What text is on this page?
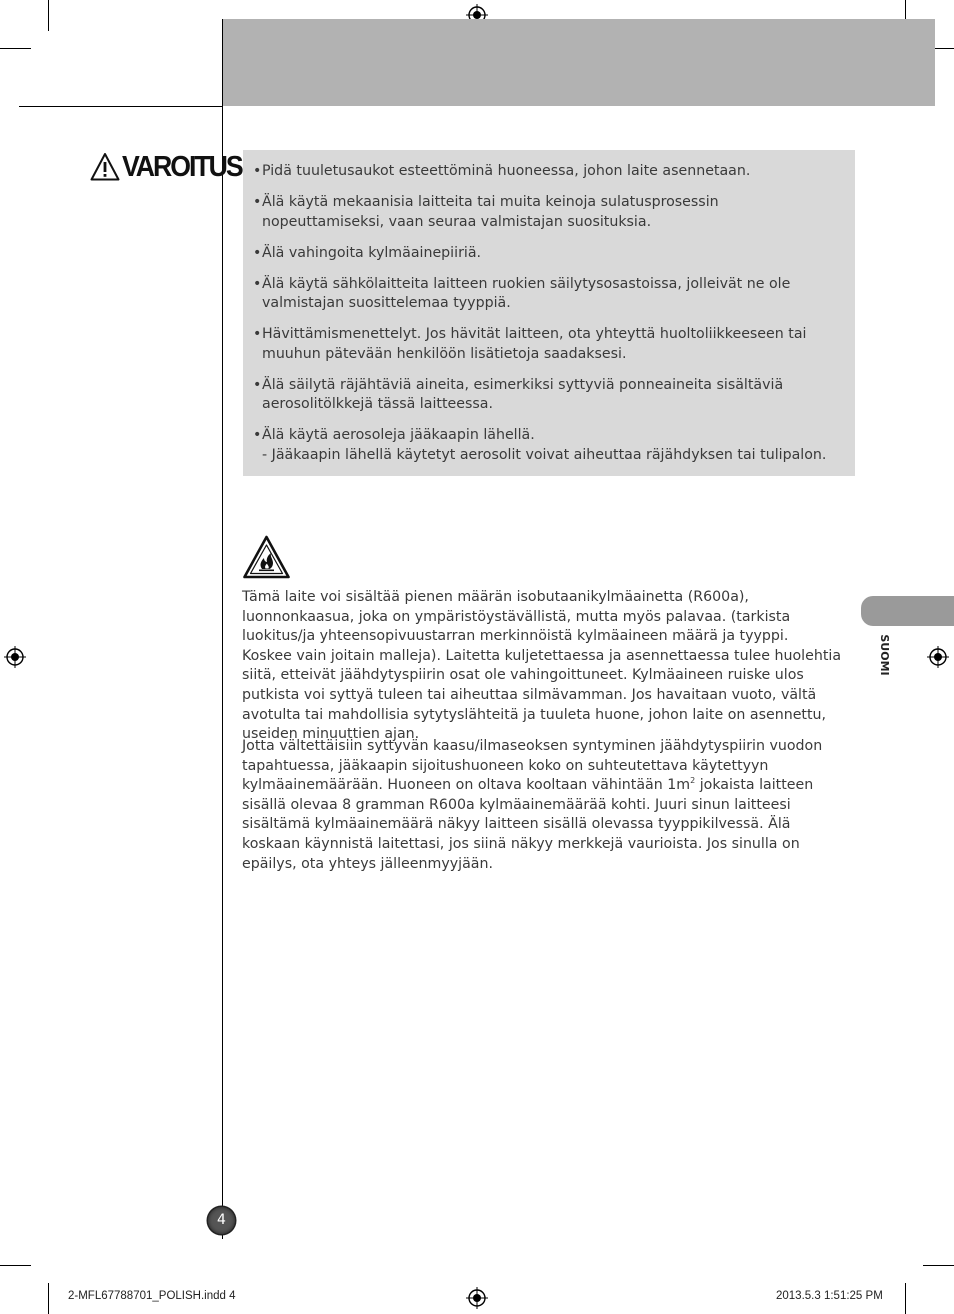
VAROITUS • Pidä tuuletusaukot esteettöminä huoneessa, johon laite asennetaan.
• Älä käytä mekaanisia laitteita tai muita keinoja sulatusprosessin nopeuttamiseksi, vaan seuraa valmistajan suosituksia.
• Älä vahingoita kylmäainepiiriä.
• Älä käytä sähkölaitteita laitteen ruokien säilytysosastoissa, jolleivät ne ole valmistajan suosittelemaa tyyppiä.
• Hävittämismenettelyt. Jos hävität laitteen, ota yhteyttä huoltoliikkeeseen tai muuhun pätevään henkilöön lisätietoja saadaksesi.
• Älä säilytä räjähtäviä aineita, esimerkiksi syttyviä ponneaineita sisältäviä aerosolitölkkejä tässä laitteessa.
• Älä käytä aerosoleja jääkaapin lähellä.
- Jääkaapin lähellä käytetyt aerosolit voivat aiheuttaa räjähdyksen tai tulipalon.

Tämä laite voi sisältää pienen määrän isobutaanikylmäainetta (R600a), luonnonkaasua, joka on ympäristöystävällistä, mutta myös palavaa. (tarkista luokitus/ja yhteensopivuustarran merkinnöistä kylmäaineen määrä ja tyyppi. Koskee vain joitain malleja). Laitetta kuljetettaessa ja asennettaessa tulee huolehtia siitä, etteivät jäähdytyspiirin osat ole vahingoittuneet. Kylmäaineen ruiske ulos putkista voi syttyä tuleen tai aiheuttaa silmävamman. Jos havaitaan vuoto, vältä avotulta tai mahdollisia sytytyslähteitä ja tuuleta huone, johon laite on asennettu, useiden minuuttien ajan.

Jotta vältettäisiin syttyvän kaasu/ilmaseoksen syntyminen jäähdytyspiirin vuodon tapahtuessa, jääkaapin sijoitushuoneen koko on suhteutettava käytettyyn kylmäainemäärään. Huoneen on oltava kooltaan vähintään $1m^2$ jokaista laitteen sisällä olevaa 8 gramman R600a kylmäainemäärää kohti. Juuri sinun laitteesi sisältämä kylmäainemäärä näkyy laitteen sisällä olevassa tyyppikilvessä. Älä koskaan käynnistä laitettasi, jos siinä näkyy merkkejä vaurioista. Jos sinulla on epäilys, ota yhteys jälleenmyyjään.

SUOMI
4
2-MFL67788701_POLISH.indd 4	2013.5.3 1:51:25 PM
